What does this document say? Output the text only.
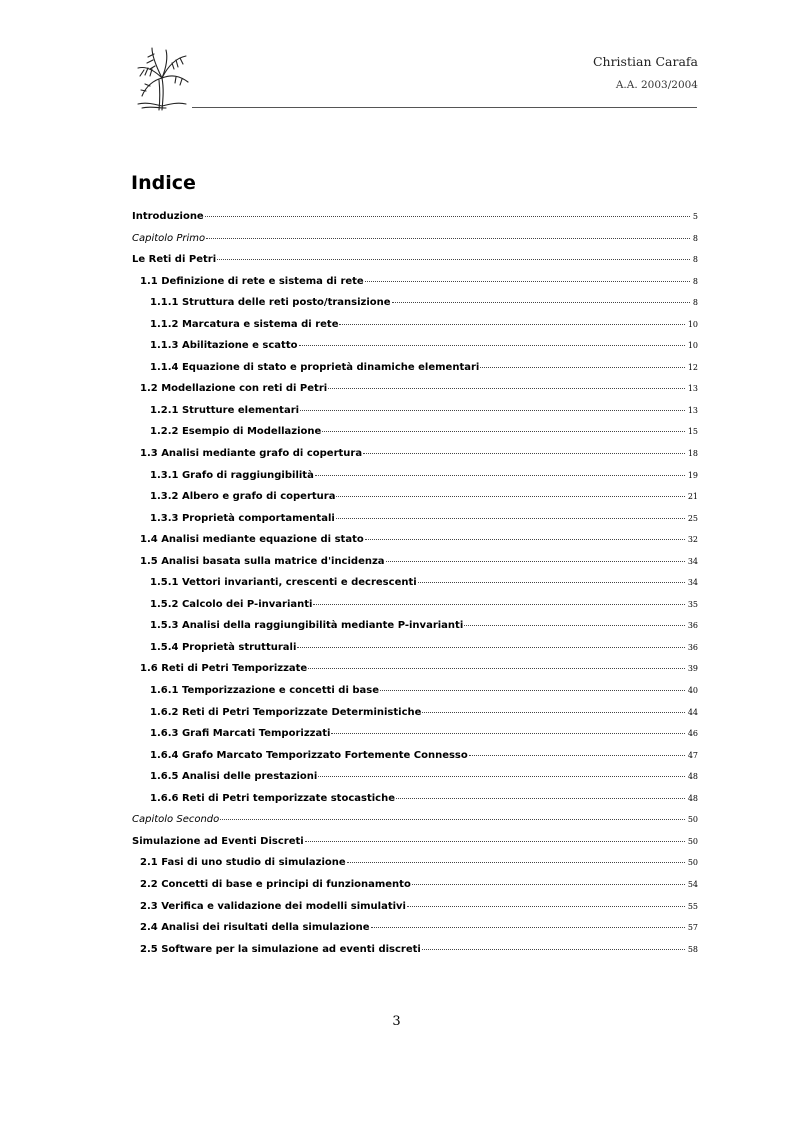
Christian Carafa
A.A. 2003/2004
Indice
Introduzione	5
Capitolo Primo	8
Le Reti di Petri	8
1.1 Definizione di rete e sistema di rete	8
1.1.1 Struttura delle reti posto/transizione	8
1.1.2 Marcatura e sistema di rete	10
1.1.3 Abilitazione e scatto	10
1.1.4 Equazione di stato e proprietà dinamiche elementari	12
1.2 Modellazione con reti di Petri	13
1.2.1 Strutture elementari	13
1.2.2 Esempio di Modellazione	15
1.3 Analisi mediante grafo di copertura	18
1.3.1 Grafo di raggiungibilità	19
1.3.2 Albero e grafo di copertura	21
1.3.3 Proprietà comportamentali	25
1.4 Analisi mediante equazione di stato	32
1.5 Analisi basata sulla matrice d'incidenza	34
1.5.1 Vettori invarianti, crescenti e decrescenti	34
1.5.2 Calcolo dei P-invarianti	35
1.5.3 Analisi della raggiungibilità mediante P-invarianti	36
1.5.4 Proprietà strutturali	36
1.6 Reti di Petri Temporizzate	39
1.6.1 Temporizzazione e concetti di base	40
1.6.2 Reti di Petri Temporizzate Deterministiche	44
1.6.3 Grafi Marcati Temporizzati	46
1.6.4 Grafo Marcato Temporizzato Fortemente Connesso	47
1.6.5 Analisi delle prestazioni	48
1.6.6 Reti di Petri temporizzate stocastiche	48
Capitolo Secondo	50
Simulazione ad Eventi Discreti	50
2.1 Fasi di uno studio di simulazione	50
2.2 Concetti di base e principi di funzionamento	54
2.3 Verifica e validazione dei modelli simulativi	55
2.4 Analisi dei risultati della simulazione	57
2.5 Software per la simulazione ad eventi discreti	58
3
